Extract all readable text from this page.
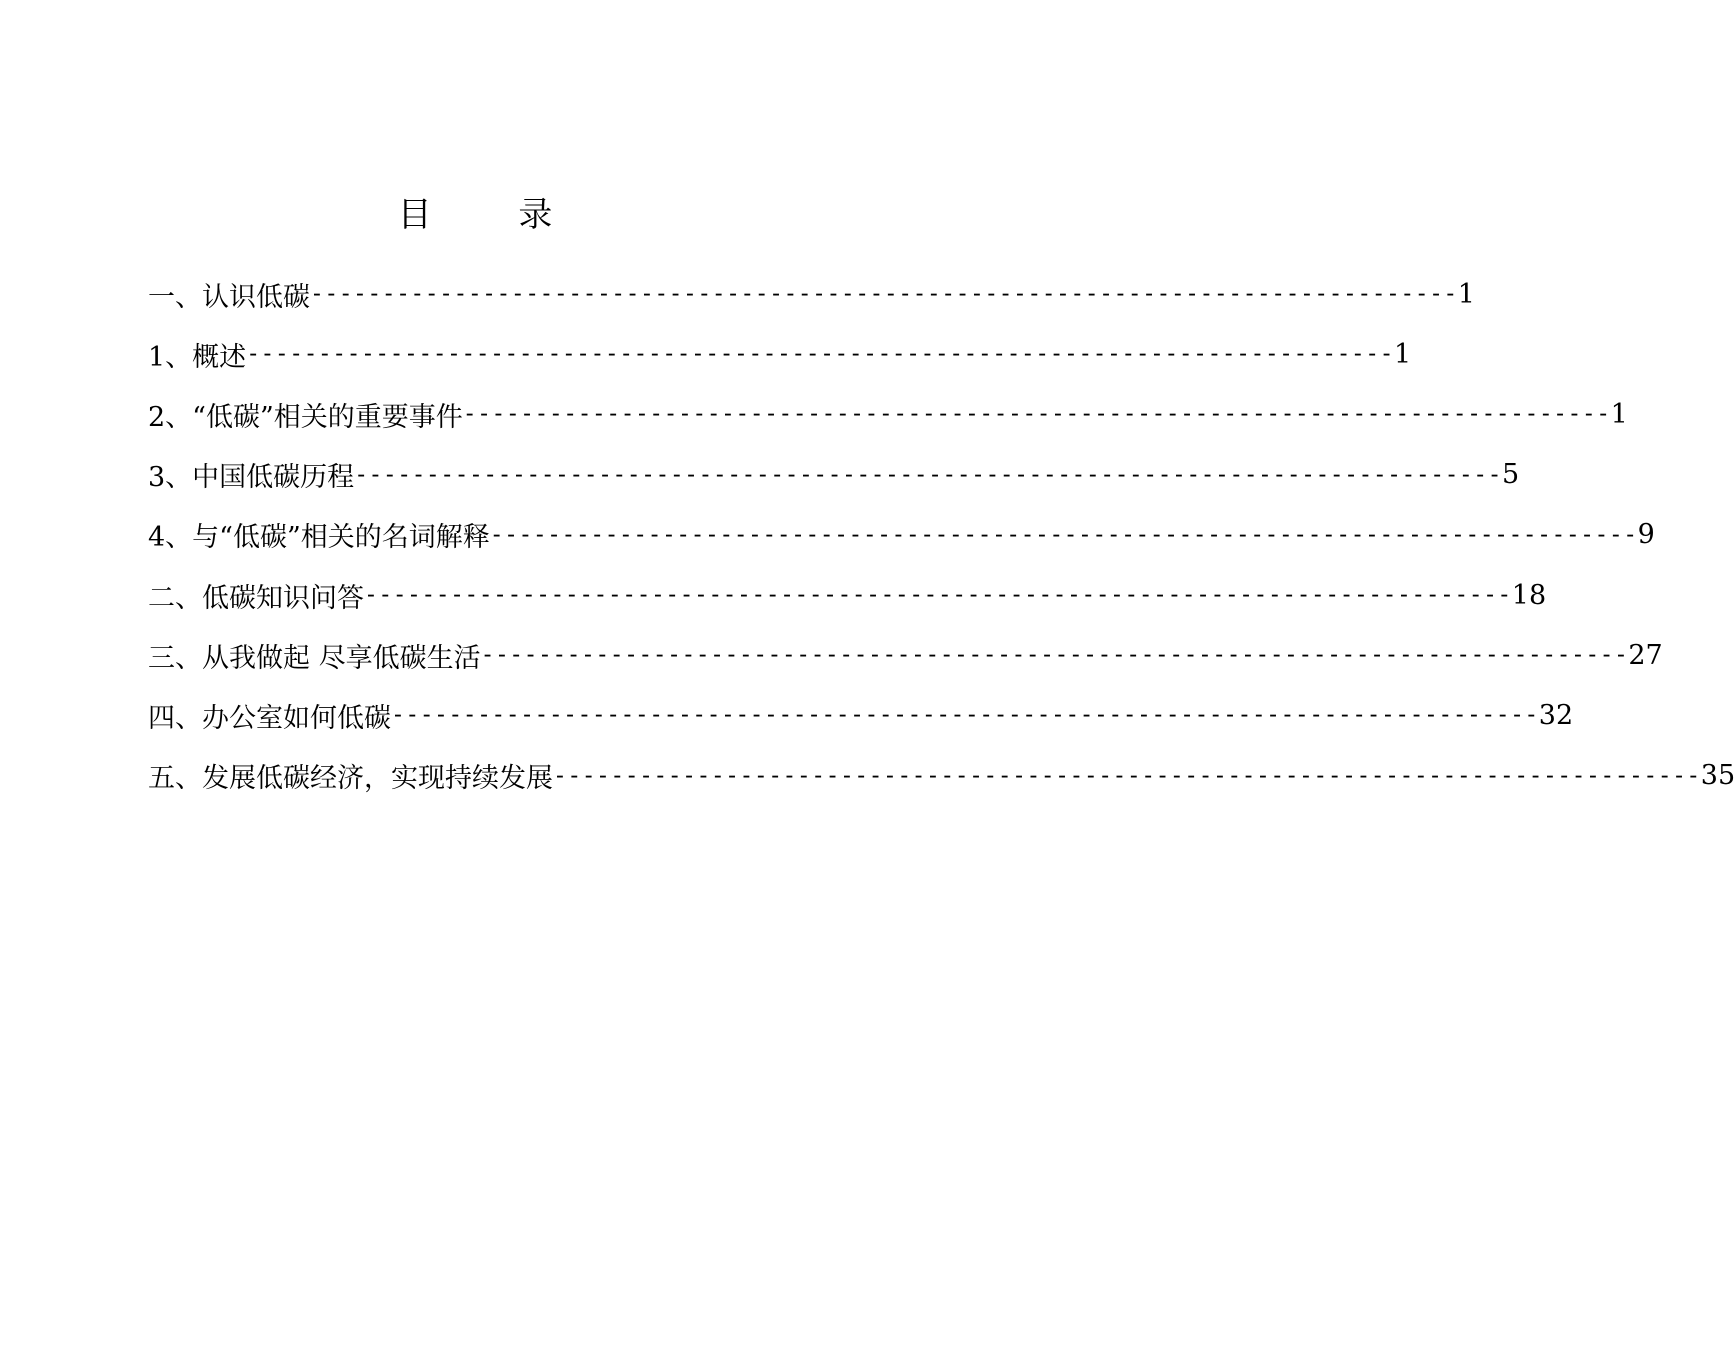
目 录
一、认识低碳 -------------------------------------------------------------------------------- 1
1、概述 -------------------------------------------------------------------------------- 1
2、“低碳”相关的重要事件 -------------------------------------------------------------------------------- 1
3、中国低碳历程 -------------------------------------------------------------------------------- 5
4、与“低碳”相关的名词解释 -------------------------------------------------------------------------------- 9
二、低碳知识问答 -------------------------------------------------------------------------------- 18
三、从我做起 尽享低碳生活 -------------------------------------------------------------------------------- 27
四、办公室如何低碳 -------------------------------------------------------------------------------- 32
五、发展低碳经济，实现持续发展 -------------------------------------------------------------------------------- 35
